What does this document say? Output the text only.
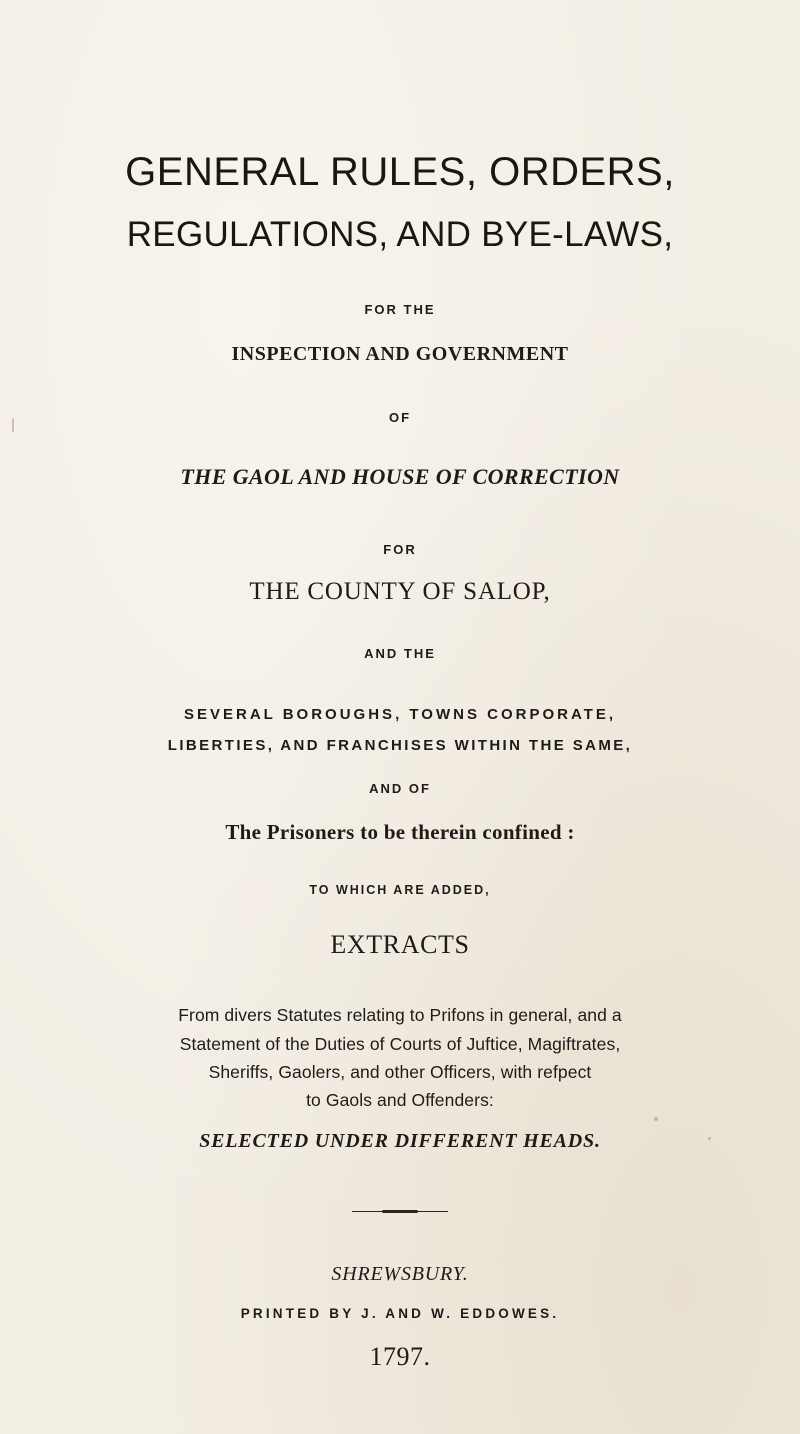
GENERAL RULES, ORDERS,
REGULATIONS, AND BYE-LAWS,
FOR THE
INSPECTION AND GOVERNMENT
OF
THE GAOL AND HOUSE OF CORRECTION
FOR
THE COUNTY OF SALOP,
AND THE
SEVERAL BOROUGHS, TOWNS CORPORATE,
LIBERTIES, AND FRANCHISES WITHIN THE SAME,
AND OF
The Prisoners to be therein confined :
TO WHICH ARE ADDED,
EXTRACTS
From divers Statutes relating to Prifons in general, and a
Statement of the Duties of Courts of Juftice, Magiftrates,
Sheriffs, Gaolers, and other Officers, with refpect
to Gaols and Offenders:
SELECTED UNDER DIFFERENT HEADS.
SHREWSBURY.
PRINTED BY J. AND W. EDDOWES.
1797.
